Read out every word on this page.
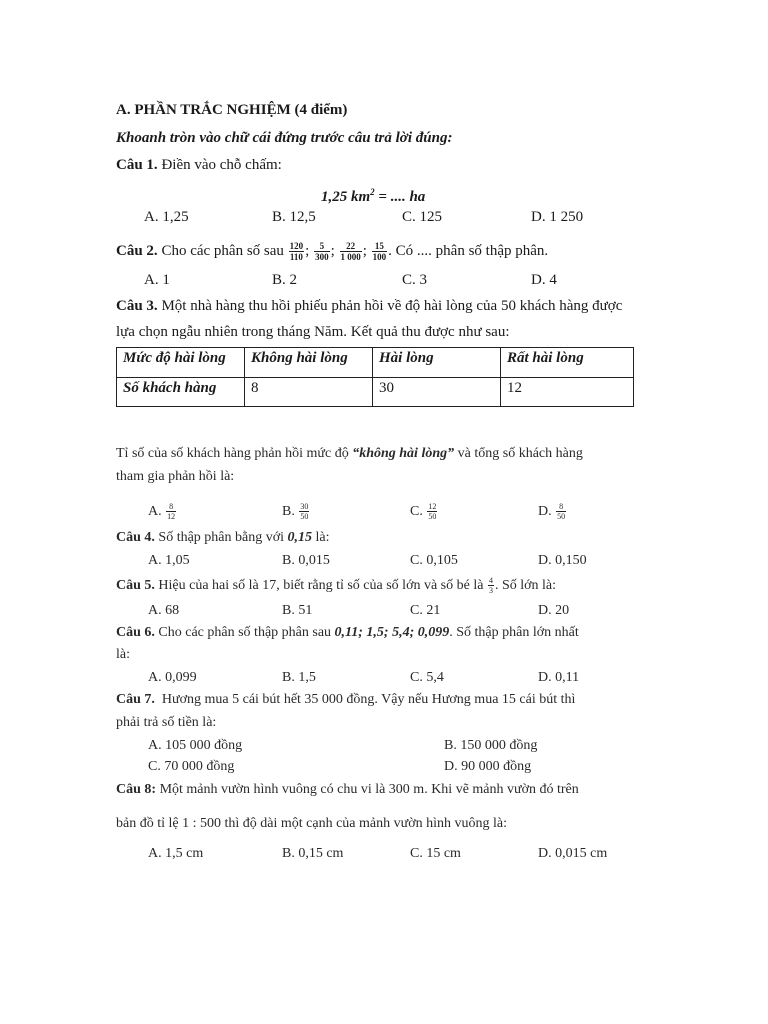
A. PHẦN TRẮC NGHIỆM (4 điểm)
Khoanh tròn vào chữ cái đứng trước câu trả lời đúng:
Câu 1. Điền vào chỗ chấm:
1,25 $km^2$ = .... ha
A. 1,25	B. 12,5	C. 125	D. 1 250
Câu 2. Cho các phân số sau $\frac{120}{110}$ ; $\frac{5}{300}$ ; $\frac{22}{1 000}$ ; $\frac{15}{100}$ . Có .... phân số thập phân.
A. 1	B. 2	C. 3	D. 4
Câu 3. Một nhà hàng thu hồi phiếu phản hồi về độ hài lòng của 50 khách hàng được
lựa chọn ngẫu nhiên trong tháng Năm. Kết quả thu được như sau:
Mức độ hài lòng	Không hài lòng	Hài lòng	Rất hài lòng
Số khách hàng	8	30	12
Tỉ số của số khách hàng phản hồi mức độ “không hài lòng” và tổng số khách hàng
tham gia phản hồi là:
A. $\frac{8}{12}$	B. $\frac{30}{50}$	C. $\frac{12}{50}$	D. $\frac{8}{50}$
Câu 4. Số thập phân bằng với 0,15 là:
A. 1,05	B. 0,015	C. 0,105	D. 0,150
Câu 5. Hiệu của hai số là 17, biết rằng tỉ số của số lớn và số bé là $\frac{4}{3}$ . Số lớn là:
A. 68	B. 51	C. 21	D. 20
Câu 6. Cho các phân số thập phân sau 0,11; 1,5; 5,4; 0,099. Số thập phân lớn nhất
là:
A. 0,099	B. 1,5	C. 5,4	D. 0,11
Câu 7. Hương mua 5 cái bút hết 35 000 đồng. Vậy nếu Hương mua 15 cái bút thì
phải trả số tiền là:
A. 105 000 đồng	B. 150 000 đồng
C. 70 000 đồng	D. 90 000 đồng
Câu 8: Một mảnh vườn hình vuông có chu vi là 300 m. Khi vẽ mảnh vườn đó trên
bản đồ tỉ lệ 1 : 500 thì độ dài một cạnh của mảnh vườn hình vuông là:
A. 1,5 cm	B. 0,15 cm	C. 15 cm	D. 0,015 cm
